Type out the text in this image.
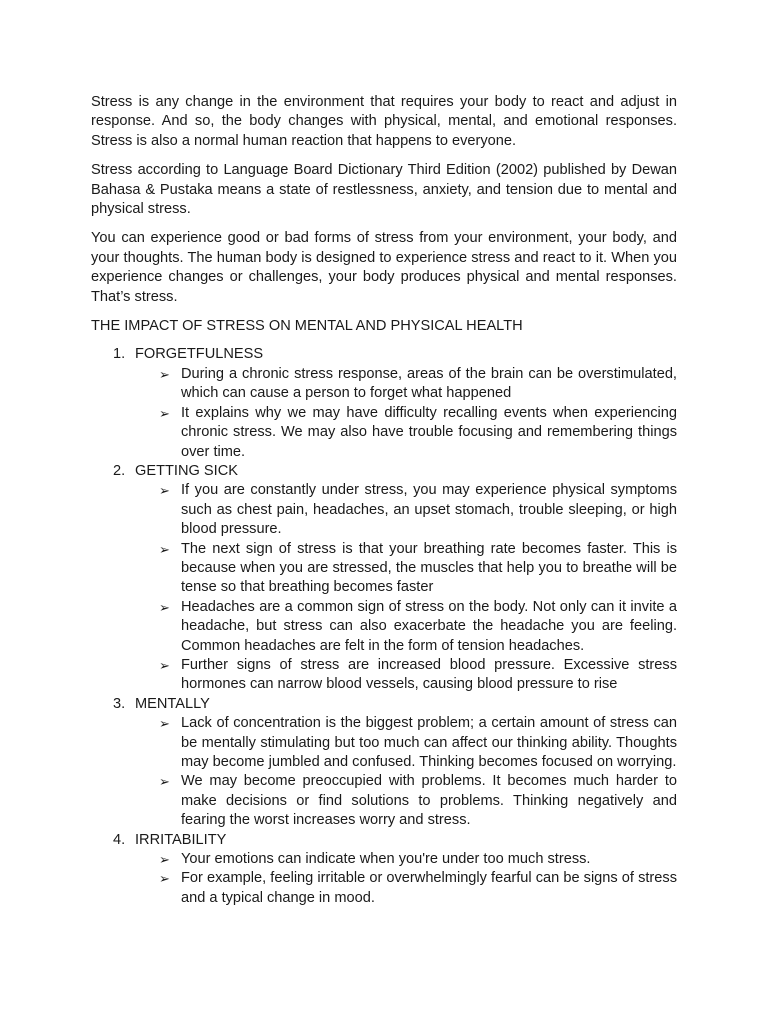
Stress is any change in the environment that requires your body to react and adjust in response. And so, the body changes with physical, mental, and emotional responses. Stress is also a normal human reaction that happens to everyone.

Stress according to Language Board Dictionary Third Edition (2002) published by Dewan Bahasa & Pustaka means a state of restlessness, anxiety, and tension due to mental and physical stress.

You can experience good or bad forms of stress from your environment, your body, and your thoughts. The human body is designed to experience stress and react to it. When you experience changes or challenges, your body produces physical and mental responses. That’s stress.

THE IMPACT OF STRESS ON MENTAL AND PHYSICAL HEALTH
1. FORGETFULNESS
➢ During a chronic stress response, areas of the brain can be overstimulated, which can cause a person to forget what happened
➢ It explains why we may have difficulty recalling events when experiencing chronic stress. We may also have trouble focusing and remembering things over time.
2. GETTING SICK
➢ If you are constantly under stress, you may experience physical symptoms such as chest pain, headaches, an upset stomach, trouble sleeping, or high blood pressure.
➢ The next sign of stress is that your breathing rate becomes faster. This is because when you are stressed, the muscles that help you to breathe will be tense so that breathing becomes faster
➢ Headaches are a common sign of stress on the body. Not only can it invite a headache, but stress can also exacerbate the headache you are feeling. Common headaches are felt in the form of tension headaches.
➢ Further signs of stress are increased blood pressure. Excessive stress hormones can narrow blood vessels, causing blood pressure to rise
3. MENTALLY
➢ Lack of concentration is the biggest problem; a certain amount of stress can be mentally stimulating but too much can affect our thinking ability. Thoughts may become jumbled and confused. Thinking becomes focused on worrying.
➢ We may become preoccupied with problems. It becomes much harder to make decisions or find solutions to problems. Thinking negatively and fearing the worst increases worry and stress.
4. IRRITABILITY
➢ Your emotions can indicate when you're under too much stress.
➢ For example, feeling irritable or overwhelmingly fearful can be signs of stress and a typical change in mood.
